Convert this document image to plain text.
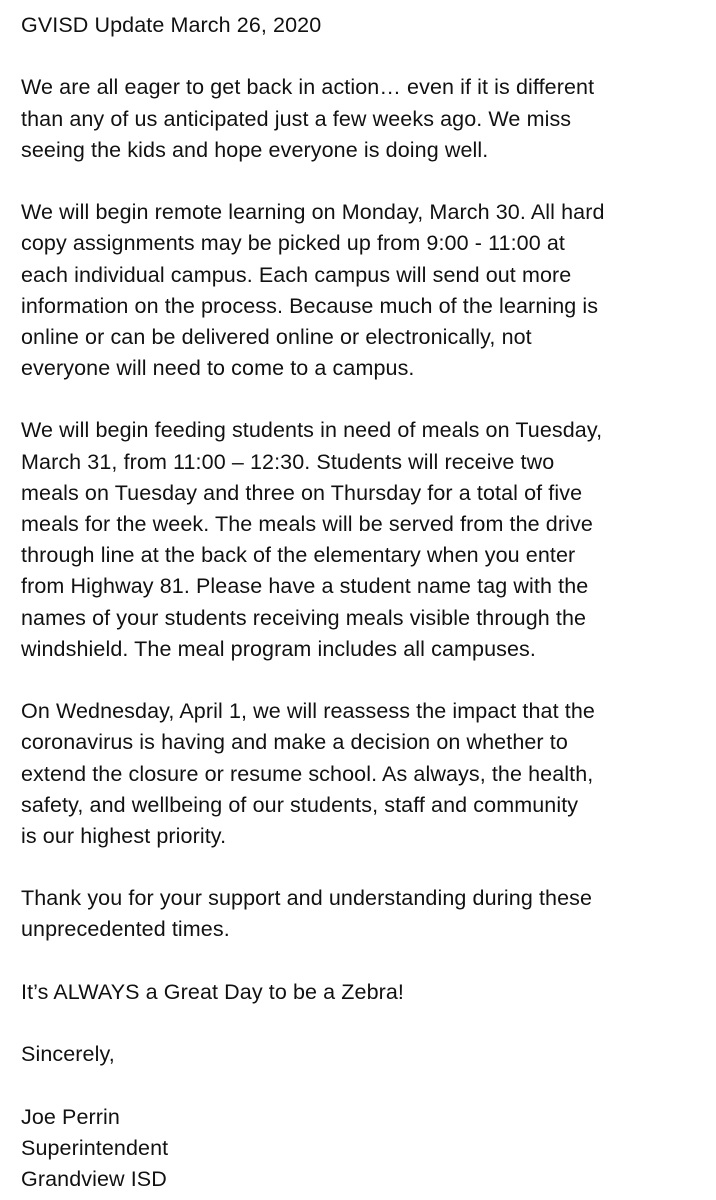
GVISD Update March 26, 2020
We are all eager to get back in action… even if it is different
than any of us anticipated just a few weeks ago. We miss
seeing the kids and hope everyone is doing well.
We will begin remote learning on Monday, March 30. All hard
copy assignments may be picked up from 9:00 - 11:00 at
each individual campus. Each campus will send out more
information on the process. Because much of the learning is
online or can be delivered online or electronically, not
everyone will need to come to a campus.
We will begin feeding students in need of meals on Tuesday,
March 31, from 11:00 – 12:30. Students will receive two
meals on Tuesday and three on Thursday for a total of five
meals for the week. The meals will be served from the drive
through line at the back of the elementary when you enter
from Highway 81. Please have a student name tag with the
names of your students receiving meals visible through the
windshield. The meal program includes all campuses.
On Wednesday, April 1, we will reassess the impact that the
coronavirus is having and make a decision on whether to
extend the closure or resume school. As always, the health,
safety, and wellbeing of our students, staff and community
is our highest priority.
Thank you for your support and understanding during these
unprecedented times.
It’s ALWAYS a Great Day to be a Zebra!
Sincerely,
Joe Perrin
Superintendent
Grandview ISD
